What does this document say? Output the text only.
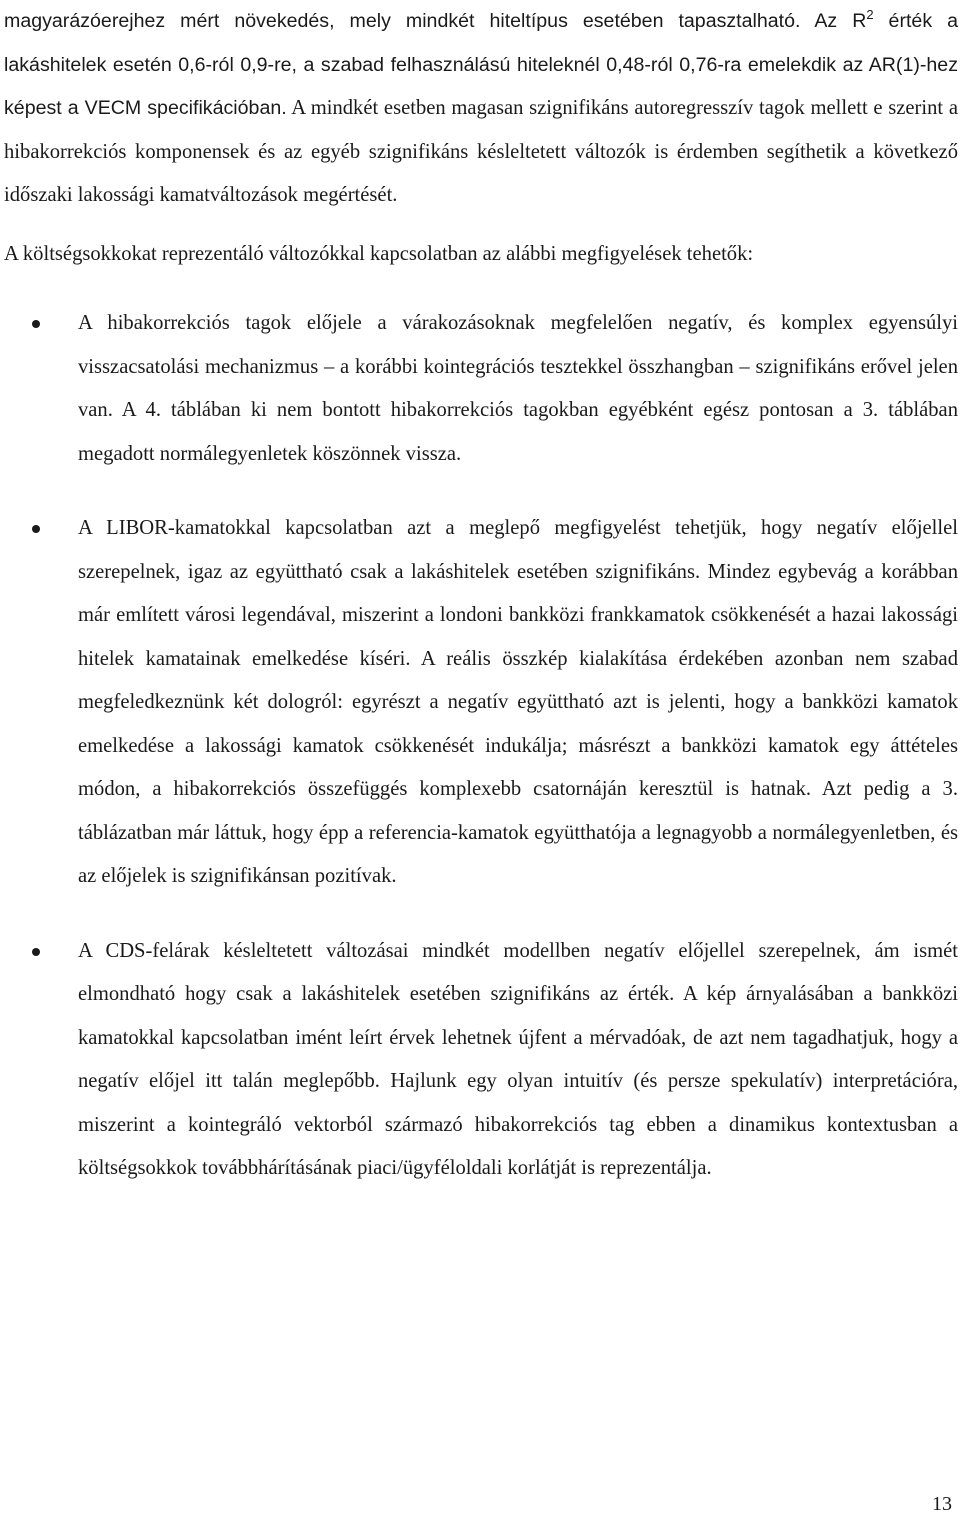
magyarázóerejhez mért növekedés, mely mindkét hiteltípus esetében tapasztalható. Az $R^2$ érték a lakáshitelek esetén 0,6-ról 0,9-re, a szabad felhasználású hiteleknél 0,48-ról 0,76-ra emelekdik az AR(1)-hez képest a VECM specifikációban. A mindkét esetben magasan szignifikáns autoregresszív tagok mellett e szerint a hibakorrekciós komponensek és az egyéb szignifikáns késleltetett változók is érdemben segíthetik a következő időszaki lakossági kamatváltozások megértését.

A költségsokkokat reprezentáló változókkal kapcsolatban az alábbi megfigyelések tehetők:

A hibakorrekciós tagok előjele a várakozásoknak megfelelően negatív, és komplex egyensúlyi visszacsatolási mechanizmus – a korábbi kointegrációs tesztekkel összhangban – szignifikáns erővel jelen van. A 4. táblában ki nem bontott hibakorrekciós tagokban egyébként egész pontosan a 3. táblában megadott normálegyenletek köszönnek vissza.

A LIBOR-kamatokkal kapcsolatban azt a meglepő megfigyelést tehetjük, hogy negatív előjellel szerepelnek, igaz az együttható csak a lakáshitelek esetében szignifikáns. Mindez egybevág a korábban már említett városi legendával, miszerint a londoni bankközi frankkamatok csökkenését a hazai lakossági hitelek kamatainak emelkedése kíséri. A reális összkép kialakítása érdekében azonban nem szabad megfeledkeznünk két dologról: egyrészt a negatív együttható azt is jelenti, hogy a bankközi kamatok emelkedése a lakossági kamatok csökkenését indukálja; másrészt a bankközi kamatok egy áttételes módon, a hibakorrekciós összefüggés komplexebb csatornáján keresztül is hatnak. Azt pedig a 3. táblázatban már láttuk, hogy épp a referencia-kamatok együtthatója a legnagyobb a normálegyenletben, és az előjelek is szignifikánsan pozitívak.

A CDS-felárak késleltetett változásai mindkét modellben negatív előjellel szerepelnek, ám ismét elmondható hogy csak a lakáshitelek esetében szignifikáns az érték. A kép árnyalásában a bankközi kamatokkal kapcsolatban imént leírt érvek lehetnek újfent a mérvadóak, de azt nem tagadhatjuk, hogy a negatív előjel itt talán meglepőbb. Hajlunk egy olyan intuitív (és persze spekulatív) interpretációra, miszerint a kointegráló vektorból származó hibakorrekciós tag ebben a dinamikus kontextusban a költségsokkok továbbhárításának piaci/ügyféloldali korlátját is reprezentálja.

13
